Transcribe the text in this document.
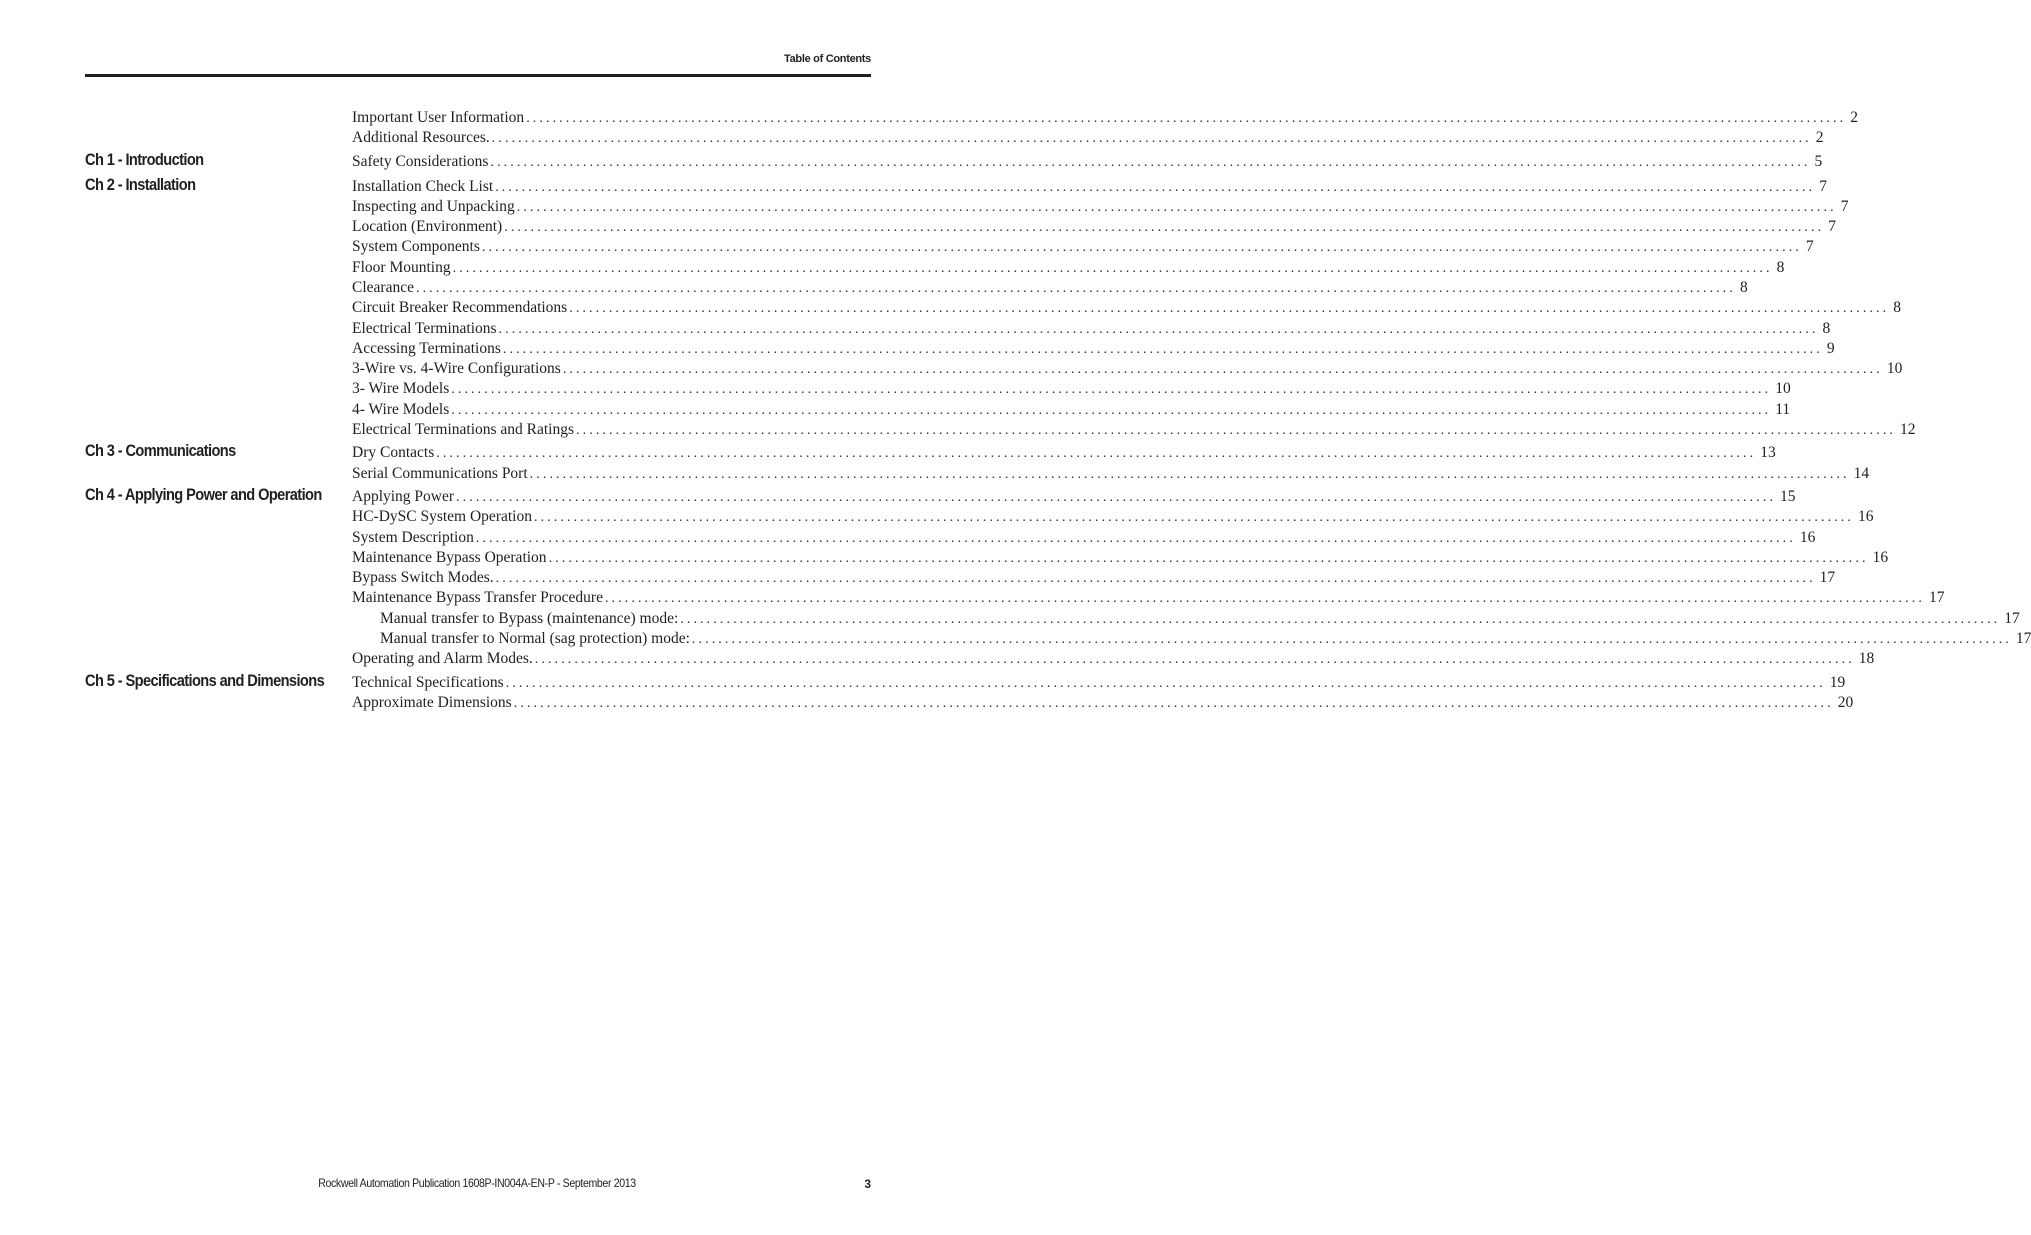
Table of Contents
Ch 1 - Introduction
Ch 2 - Installation
Ch 3 - Communications
Ch 4 - Applying Power and Operation
Ch 5 - Specifications and Dimensions
Important User Information ........................................................................................................................................................................................................ 2
Additional Resources. ........................................................................................................................................................................................................ 2
Safety Considerations ........................................................................................................................................................................................................ 5
Installation Check List ........................................................................................................................................................................................................ 7
Inspecting and Unpacking ........................................................................................................................................................................................................ 7
Location (Environment) ........................................................................................................................................................................................................ 7
System Components ........................................................................................................................................................................................................ 7
Floor Mounting ........................................................................................................................................................................................................ 8
Clearance ........................................................................................................................................................................................................ 8
Circuit Breaker Recommendations ........................................................................................................................................................................................................ 8
Electrical Terminations ........................................................................................................................................................................................................ 8
Accessing Terminations ........................................................................................................................................................................................................ 9
3-Wire vs. 4-Wire Configurations ........................................................................................................................................................................................................ 10
3- Wire Models ........................................................................................................................................................................................................ 10
4- Wire Models ........................................................................................................................................................................................................ 11
Electrical Terminations and Ratings ........................................................................................................................................................................................................ 12
Dry Contacts ........................................................................................................................................................................................................ 13
Serial Communications Port ........................................................................................................................................................................................................ 14
Applying Power ........................................................................................................................................................................................................ 15
HC-DySC System Operation ........................................................................................................................................................................................................ 16
System Description ........................................................................................................................................................................................................ 16
Maintenance Bypass Operation ........................................................................................................................................................................................................ 16
Bypass Switch Modes. ........................................................................................................................................................................................................ 17
Maintenance Bypass Transfer Procedure ........................................................................................................................................................................................................ 17
Manual transfer to Bypass (maintenance) mode: ........................................................................................................................................................................................................ 17
Manual transfer to Normal (sag protection) mode: ........................................................................................................................................................................................................ 17
Operating and Alarm Modes. ........................................................................................................................................................................................................ 18
Technical Specifications ........................................................................................................................................................................................................ 19
Approximate Dimensions ........................................................................................................................................................................................................ 20
Rockwell Automation Publication 1608P-IN004A-EN-P - September 2013	3
